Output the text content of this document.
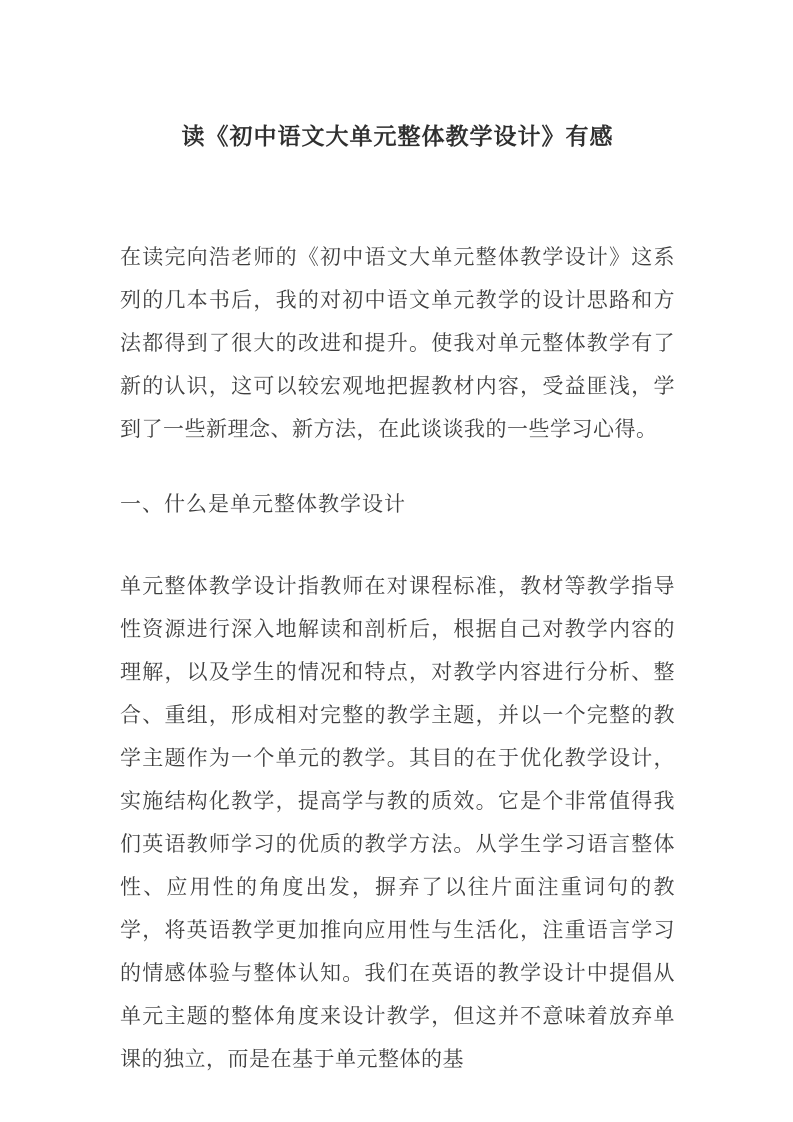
读《初中语文大单元整体教学设计》有感

在读完向浩老师的《初中语文大单元整体教学设计》这系列的几本书后，我的对初中语文单元教学的设计思路和方法都得到了很大的改进和提升。使我对单元整体教学有了新的认识，这可以较宏观地把握教材内容，受益匪浅，学到了一些新理念、新方法，在此谈谈我的一些学习心得。

一、什么是单元整体教学设计

单元整体教学设计指教师在对课程标准，教材等教学指导性资源进行深入地解读和剖析后，根据自己对教学内容的理解，以及学生的情况和特点，对教学内容进行分析、整合、重组，形成相对完整的教学主题，并以一个完整的教学主题作为一个单元的教学。其目的在于优化教学设计，实施结构化教学，提高学与教的质效。它是个非常值得我们英语教师学习的优质的教学方法。从学生学习语言整体性、应用性的角度出发，摒弃了以往片面注重词句的教学，将英语教学更加推向应用性与生活化，注重语言学习的情感体验与整体认知。我们在英语的教学设计中提倡从单元主题的整体角度来设计教学，但这并不意味着放弃单课的独立，而是在基于单元整体的基
